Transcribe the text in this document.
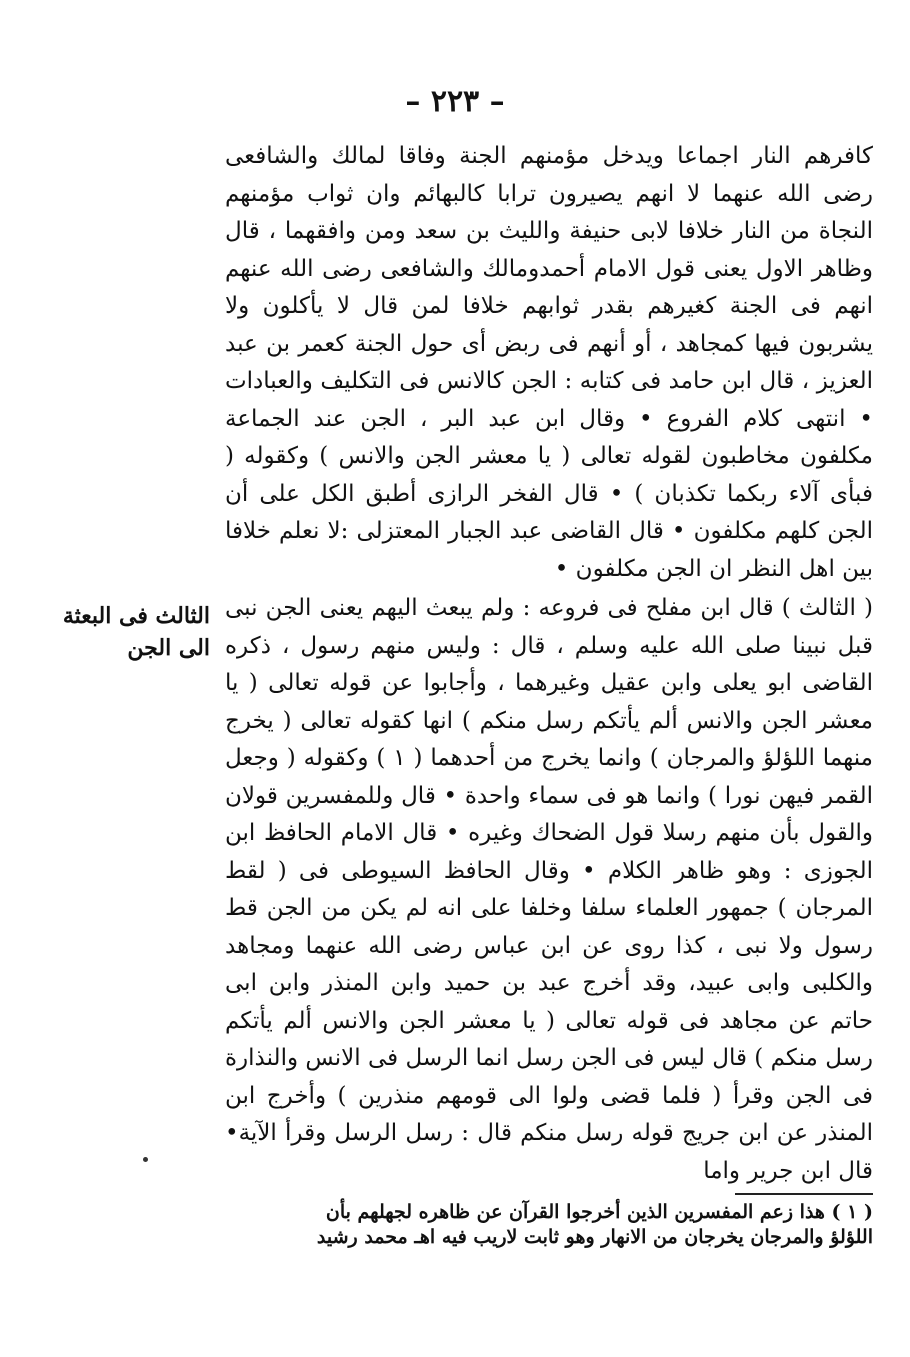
– ٢٢٣ –

كافرهم النار اجماعا ويدخل مؤمنهم الجنة وفاقا لمالك والشافعى رضى الله عنهما لا انهم يصيرون ترابا كالبهائم وان ثواب مؤمنهم النجاة من النار خلافا لابى حنيفة والليث بن سعد ومن وافقهما ، قال وظاهر الاول يعنى قول الامام أحمدومالك والشافعى رضى الله عنهم انهم فى الجنة كغيرهم بقدر ثوابهم خلافا لمن قال لا يأكلون ولا يشربون فيها كمجاهد ، أو أنهم فى ربض أى حول الجنة كعمر بن عبد العزيز ، قال ابن حامد فى كتابه : الجن كالانس فى التكليف والعبادات • انتهى كلام الفروع • وقال ابن عبد البر ، الجن عند الجماعة مكلفون مخاطبون لقوله تعالى ( يا معشر الجن والانس ) وكقوله ( فبأى آلاء ربكما تكذبان ) • قال الفخر الرازى أطبق الكل على أن الجن كلهم مكلفون • قال القاضى عبد الجبار المعتزلى :لا نعلم خلافا بين اهل النظر ان الجن مكلفون •

( الثالث ) قال ابن مفلح فى فروعه : ولم يبعث اليهم يعنى الجن نبى قبل نبينا صلى الله عليه وسلم ، قال : وليس منهم رسول ، ذكره القاضى ابو يعلى وابن عقيل وغيرهما ، وأجابوا عن قوله تعالى ( يا معشر الجن والانس ألم يأتكم رسل منكم ) انها كقوله تعالى ( يخرج منهما اللؤلؤ والمرجان ) وانما يخرج من أحدهما ( ١ ) وكقوله ( وجعل القمر فيهن نورا ) وانما هو فى سماء واحدة • قال وللمفسرين قولان والقول بأن منهم رسلا قول الضحاك وغيره • قال الامام الحافظ ابن الجوزى : وهو ظاهر الكلام • وقال الحافظ السيوطى فى ( لقط المرجان ) جمهور العلماء سلفا وخلفا على انه لم يكن من الجن قط رسول ولا نبى ، كذا روى عن ابن عباس رضى الله عنهما ومجاهد والكلبى وابى عبيد، وقد أخرج عبد بن حميد وابن المنذر وابن ابى حاتم عن مجاهد فى قوله تعالى ( يا معشر الجن والانس ألم يأتكم رسل منكم ) قال ليس فى الجن رسل انما الرسل فى الانس والنذارة فى الجن وقرأ ( فلما قضى ولوا الى قومهم منذرين ) وأخرج ابن المنذر عن ابن جريج قوله رسل منكم قال : رسل الرسل وقرأ الآية• قال ابن جرير واما

الثالث فى البعثة
الى الجن
( ١ ) هذا زعم المفسرين الذين أخرجوا القرآن عن ظاهره لجهلهم بأن
اللؤلؤ والمرجان يخرجان من الانهار وهو ثابت لاريب فيه اهـ محمد رشيد
